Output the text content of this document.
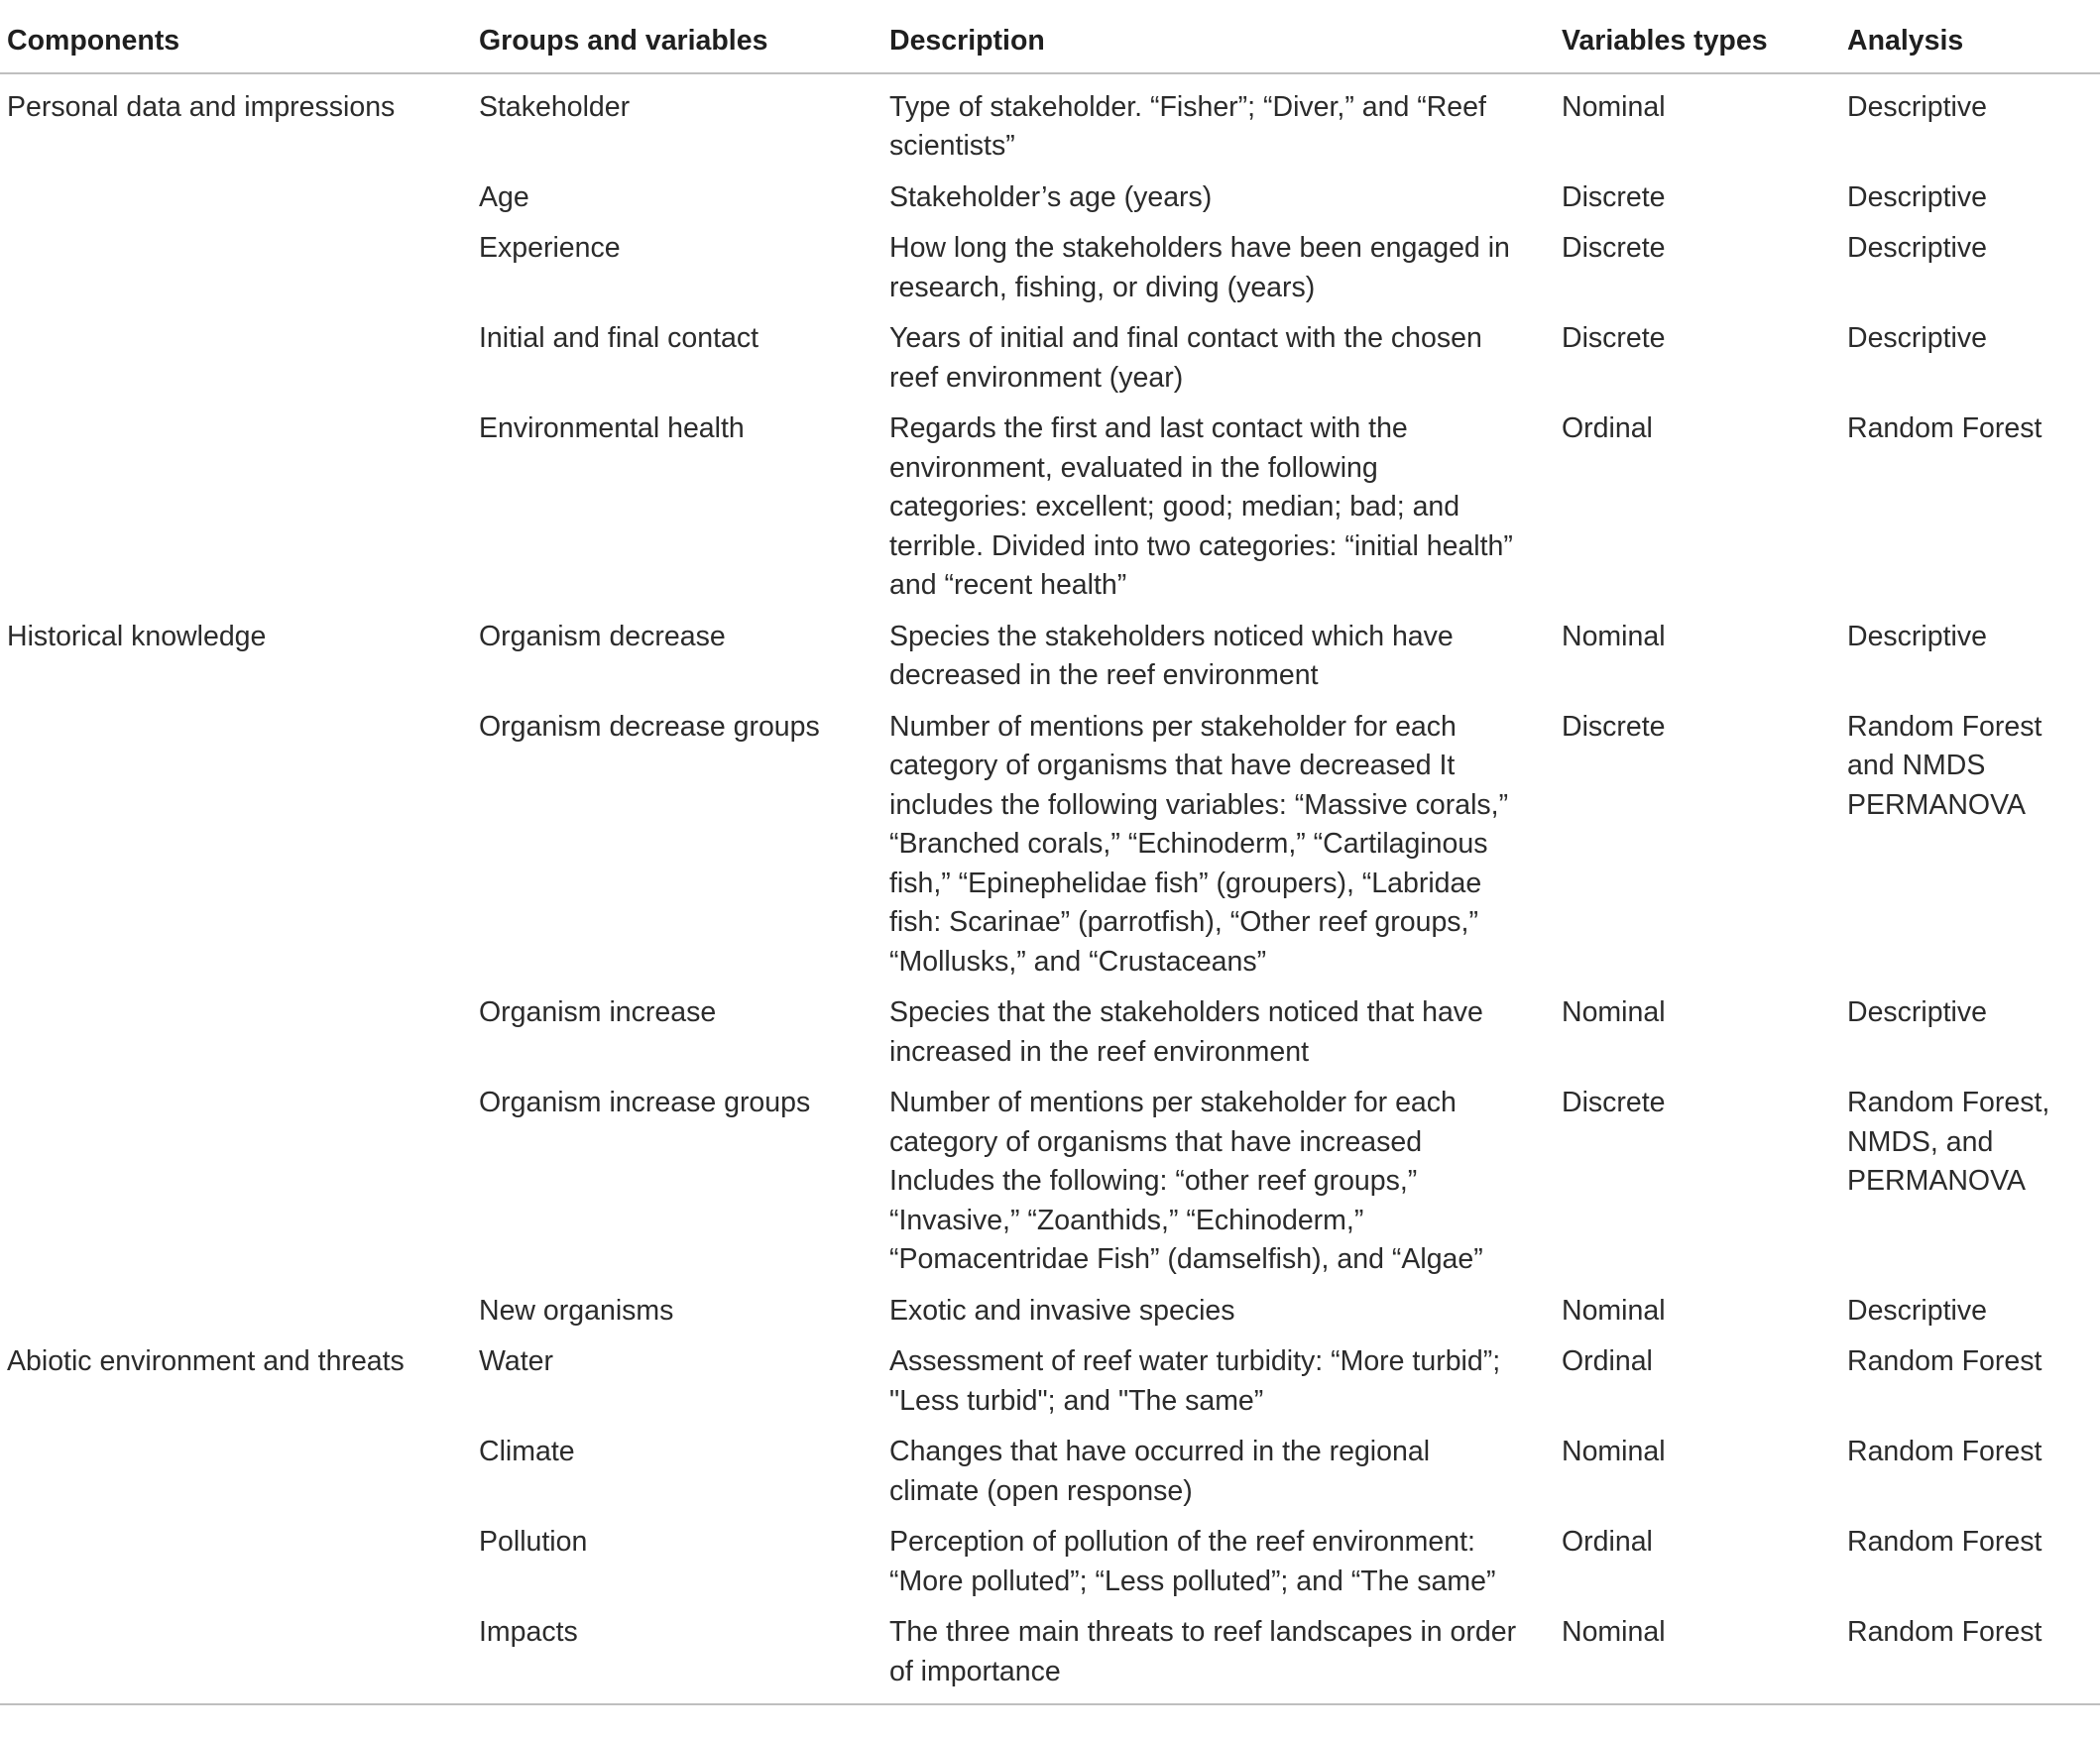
Components	Groups and variables	Description	Variables types	Analysis
Personal data and impressions	Stakeholder	Type of stakeholder. “Fisher”; “Diver,” and “Reef scientists”	Nominal	Descriptive
	Age	Stakeholder’s age (years)	Discrete	Descriptive
	Experience	How long the stakeholders have been engaged in research, fishing, or diving (years)	Discrete	Descriptive
	Initial and final contact	Years of initial and final contact with the chosen reef environment (year)	Discrete	Descriptive
	Environmental health	Regards the first and last contact with the environment, evaluated in the following categories: excellent; good; median; bad; and terrible. Divided into two categories: “initial health” and “recent health”	Ordinal	Random Forest
Historical knowledge	Organism decrease	Species the stakeholders noticed which have decreased in the reef environment	Nominal	Descriptive
	Organism decrease groups	Number of mentions per stakeholder for each category of organisms that have decreased It includes the following variables: “Massive corals,” “Branched corals,” “Echinoderm,” “Cartilaginous fish,” “Epinephelidae fish” (groupers), “Labridae fish: Scarinae” (parrotfish), “Other reef groups,” “Mollusks,” and “Crustaceans”	Discrete	Random Forest and NMDS PERMANOVA
	Organism increase	Species that the stakeholders noticed that have increased in the reef environment	Nominal	Descriptive
	Organism increase groups	Number of mentions per stakeholder for each category of organisms that have increased Includes the following: “other reef groups,” “Invasive,” “Zoanthids,” “Echinoderm,” “Pomacentridae Fish” (damselfish), and “Algae”	Discrete	Random Forest, NMDS, and PERMANOVA
	New organisms	Exotic and invasive species	Nominal	Descriptive
Abiotic environment and threats	Water	Assessment of reef water turbidity: “More turbid”; "Less turbid"; and "The same”	Ordinal	Random Forest
	Climate	Changes that have occurred in the regional climate (open response)	Nominal	Random Forest
	Pollution	Perception of pollution of the reef environment: “More polluted”; “Less polluted”; and “The same”	Ordinal	Random Forest
	Impacts	The three main threats to reef landscapes in order of importance	Nominal	Random Forest
